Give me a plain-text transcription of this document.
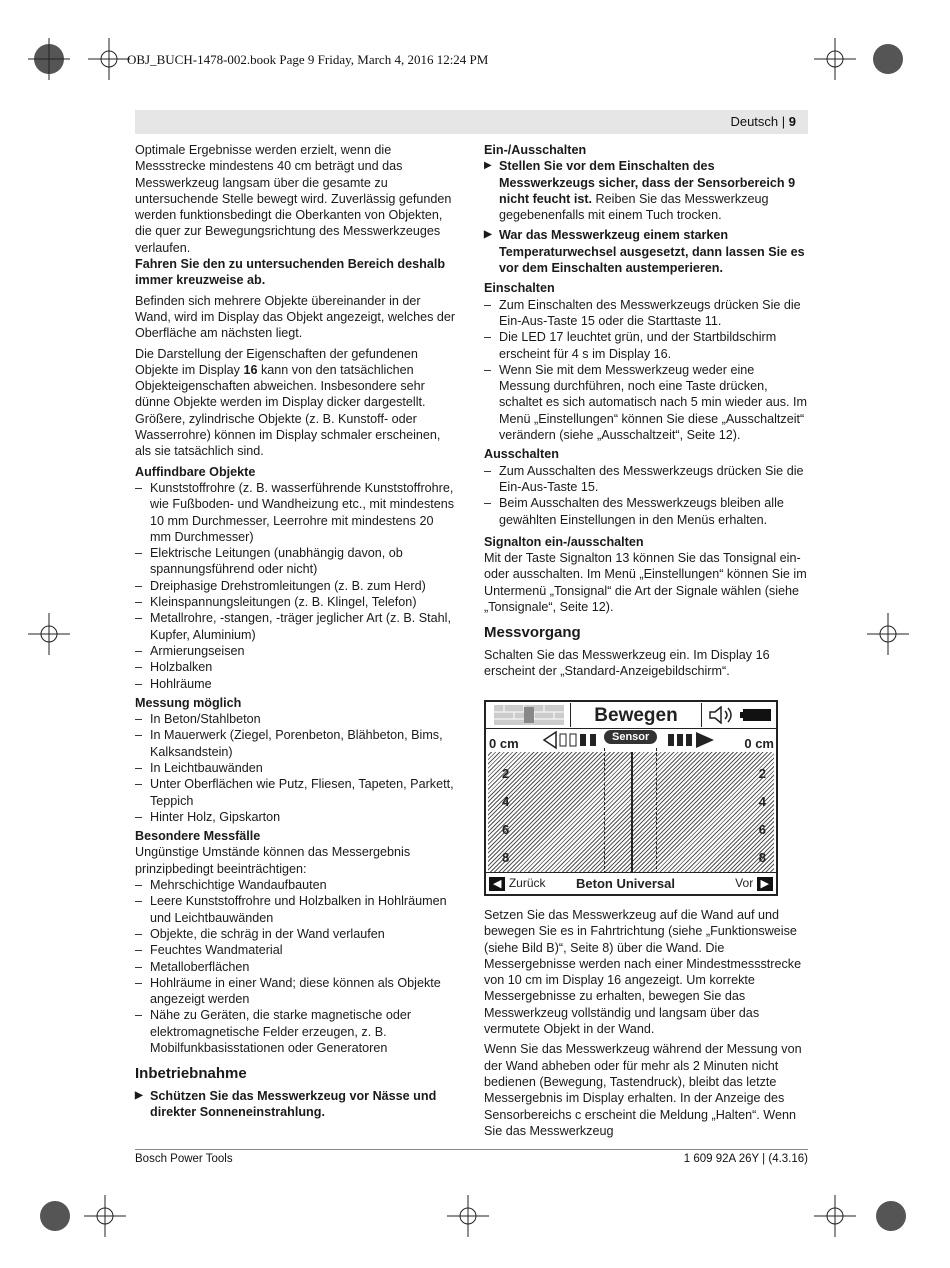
OBJ_BUCH-1478-002.book Page 9 Friday, March 4, 2016 12:24 PM
Deutsch | 9

Optimale Ergebnisse werden erzielt, wenn die Messstrecke mindestens 40 cm beträgt und das Messwerkzeug langsam über die gesamte zu untersuchende Stelle bewegt wird. Zuverlässig gefunden werden funktionsbedingt die Oberkanten von Objekten, die quer zur Bewegungsrichtung des Messwerkzeuges verlaufen.
Fahren Sie den zu untersuchenden Bereich deshalb immer kreuzweise ab.

Befinden sich mehrere Objekte übereinander in der Wand, wird im Display das Objekt angezeigt, welches der Oberfläche am nächsten liegt.

Die Darstellung der Eigenschaften der gefundenen Objekte im Display 16 kann von den tatsächlichen Objekteigenschaften abweichen. Insbesondere sehr dünne Objekte werden im Display dicker dargestellt. Größere, zylindrische Objekte (z. B. Kunstoff- oder Wasserrohre) können im Display schmaler erscheinen, als sie tatsächlich sind.

Auffindbare Objekte

– Kunststoffrohre (z. B. wasserführende Kunststoffrohre, wie Fußboden- und Wandheizung etc., mit mindestens 10 mm Durchmesser, Leerrohre mit mindestens 20 mm Durchmesser)
– Elektrische Leitungen (unabhängig davon, ob spannungsführend oder nicht)
– Dreiphasige Drehstromleitungen (z. B. zum Herd)
– Kleinspannungsleitungen (z. B. Klingel, Telefon)
– Metallrohre, -stangen, -träger jeglicher Art (z. B. Stahl, Kupfer, Aluminium)
– Armierungseisen
– Holzbalken
– Hohlräume

Messung möglich

– In Beton/Stahlbeton
– In Mauerwerk (Ziegel, Porenbeton, Blähbeton, Bims, Kalksandstein)
– In Leichtbauwänden
– Unter Oberflächen wie Putz, Fliesen, Tapeten, Parkett, Teppich
– Hinter Holz, Gipskarton

Besondere Messfälle

Ungünstige Umstände können das Messergebnis prinzipbedingt beeinträchtigen:

– Mehrschichtige Wandaufbauten
– Leere Kunststoffrohre und Holzbalken in Hohlräumen und Leichtbauwänden
– Objekte, die schräg in der Wand verlaufen
– Feuchtes Wandmaterial
– Metalloberflächen
– Hohlräume in einer Wand; diese können als Objekte angezeigt werden
– Nähe zu Geräten, die starke magnetische oder elektromagnetische Felder erzeugen, z. B. Mobilfunkbasisstationen oder Generatoren

Inbetriebnahme

▶ Schützen Sie das Messwerkzeug vor Nässe und direkter Sonneneinstrahlung.

Ein-/Ausschalten

▶ Stellen Sie vor dem Einschalten des Messwerkzeugs sicher, dass der Sensorbereich 9 nicht feucht ist. Reiben Sie das Messwerkzeug gegebenenfalls mit einem Tuch trocken.

▶ War das Messwerkzeug einem starken Temperaturwechsel ausgesetzt, dann lassen Sie es vor dem Einschalten austemperieren.

Einschalten

– Zum Einschalten des Messwerkzeugs drücken Sie die Ein-Aus-Taste 15 oder die Starttaste 11.
– Die LED 17 leuchtet grün, und der Startbildschirm erscheint für 4 s im Display 16.
– Wenn Sie mit dem Messwerkzeug weder eine Messung durchführen, noch eine Taste drücken, schaltet es sich automatisch nach 5 min wieder aus. Im Menü „Einstellungen“ können Sie diese „Ausschaltzeit“ verändern (siehe „Ausschaltzeit“, Seite 12).

Ausschalten

– Zum Ausschalten des Messwerkzeugs drücken Sie die Ein-Aus-Taste 15.
– Beim Ausschalten des Messwerkzeugs bleiben alle gewählten Einstellungen in den Menüs erhalten.

Signalton ein-/ausschalten

Mit der Taste Signalton 13 können Sie das Tonsignal ein- oder ausschalten. Im Menü „Einstellungen“ können Sie im Untermenü „Tonsignal“ die Art der Signale wählen (siehe „Tonsignale“, Seite 12).

Messvorgang

Schalten Sie das Messwerkzeug ein. Im Display 16 erscheint der „Standard-Anzeigebildschirm“.

Bewegen
0 cm	0 cm
Sensor
2
4
6
8
2
4
6
8
◀ Zurück Beton Universal	Vor ▶

Setzen Sie das Messwerkzeug auf die Wand auf und bewegen Sie es in Fahrtrichtung (siehe „Funktionsweise (siehe Bild B)“, Seite 8) über die Wand. Die Messergebnisse werden nach einer Mindestmessstrecke von 10 cm im Display 16 angezeigt. Um korrekte Messergebnisse zu erhalten, bewegen Sie das Messwerkzeug vollständig und langsam über das vermutete Objekt in der Wand.

Wenn Sie das Messwerkzeug während der Messung von der Wand abheben oder für mehr als 2 Minuten nicht bedienen (Bewegung, Tastendruck), bleibt das letzte Messergebnis im Display erhalten. In der Anzeige des Sensorbereichs c erscheint die Meldung „Halten“. Wenn Sie das Messwerkzeug

Bosch Power Tools	1 609 92A 26Y | (4.3.16)
